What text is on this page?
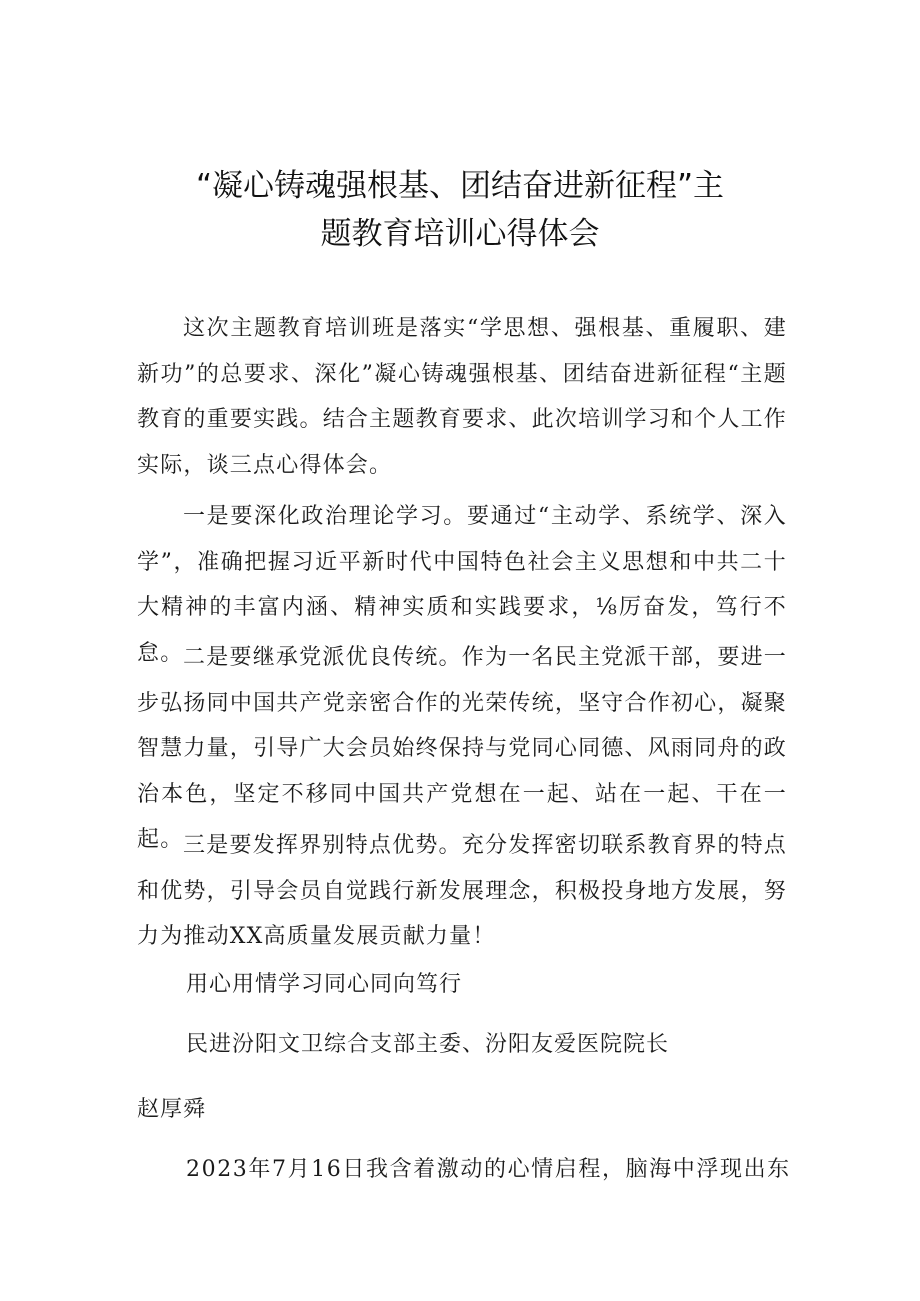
“凝心铸魂强根基、团结奋进新征程”主
题教育培训心得体会

这次主题教育培训班是落实“学思想、强根基、重履职、建新功”的总要求、深化”凝心铸魂强根基、团结奋进新征程“主题教育的重要实践。结合主题教育要求、此次培训学习和个人工作实际，谈三点心得体会。

一是要深化政治理论学习。要通过“主动学、系统学、深入学”，准确把握习近平新时代中国特色社会主义思想和中共二十大精神的丰富内涵、精神实质和实践要求，⅛厉奋发，笃行不怠。 二是要继承党派优良传统。作为一名民主党派干部，要进一步弘扬同中国共产党亲密合作的光荣传统，坚守合作初心，凝聚智慧力量，引导广大会员始终保持与党同心同德、风雨同舟的政治本色，坚定不移同中国共产党想在一起、站在一起、干在一起。 三是要发挥界别特点优势。充分发挥密切联系教育界的特点和优势，引导会员自觉践行新发展理念，积极投身地方发展，努力为推动XX高质量发展贡献力量！

用心用情学习同心同向笃行

民进汾阳文卫综合支部主委、汾阳友爱医院院长

赵厚舜

2023年7月16日我含着激动的心情启程，脑海中浮现出东
